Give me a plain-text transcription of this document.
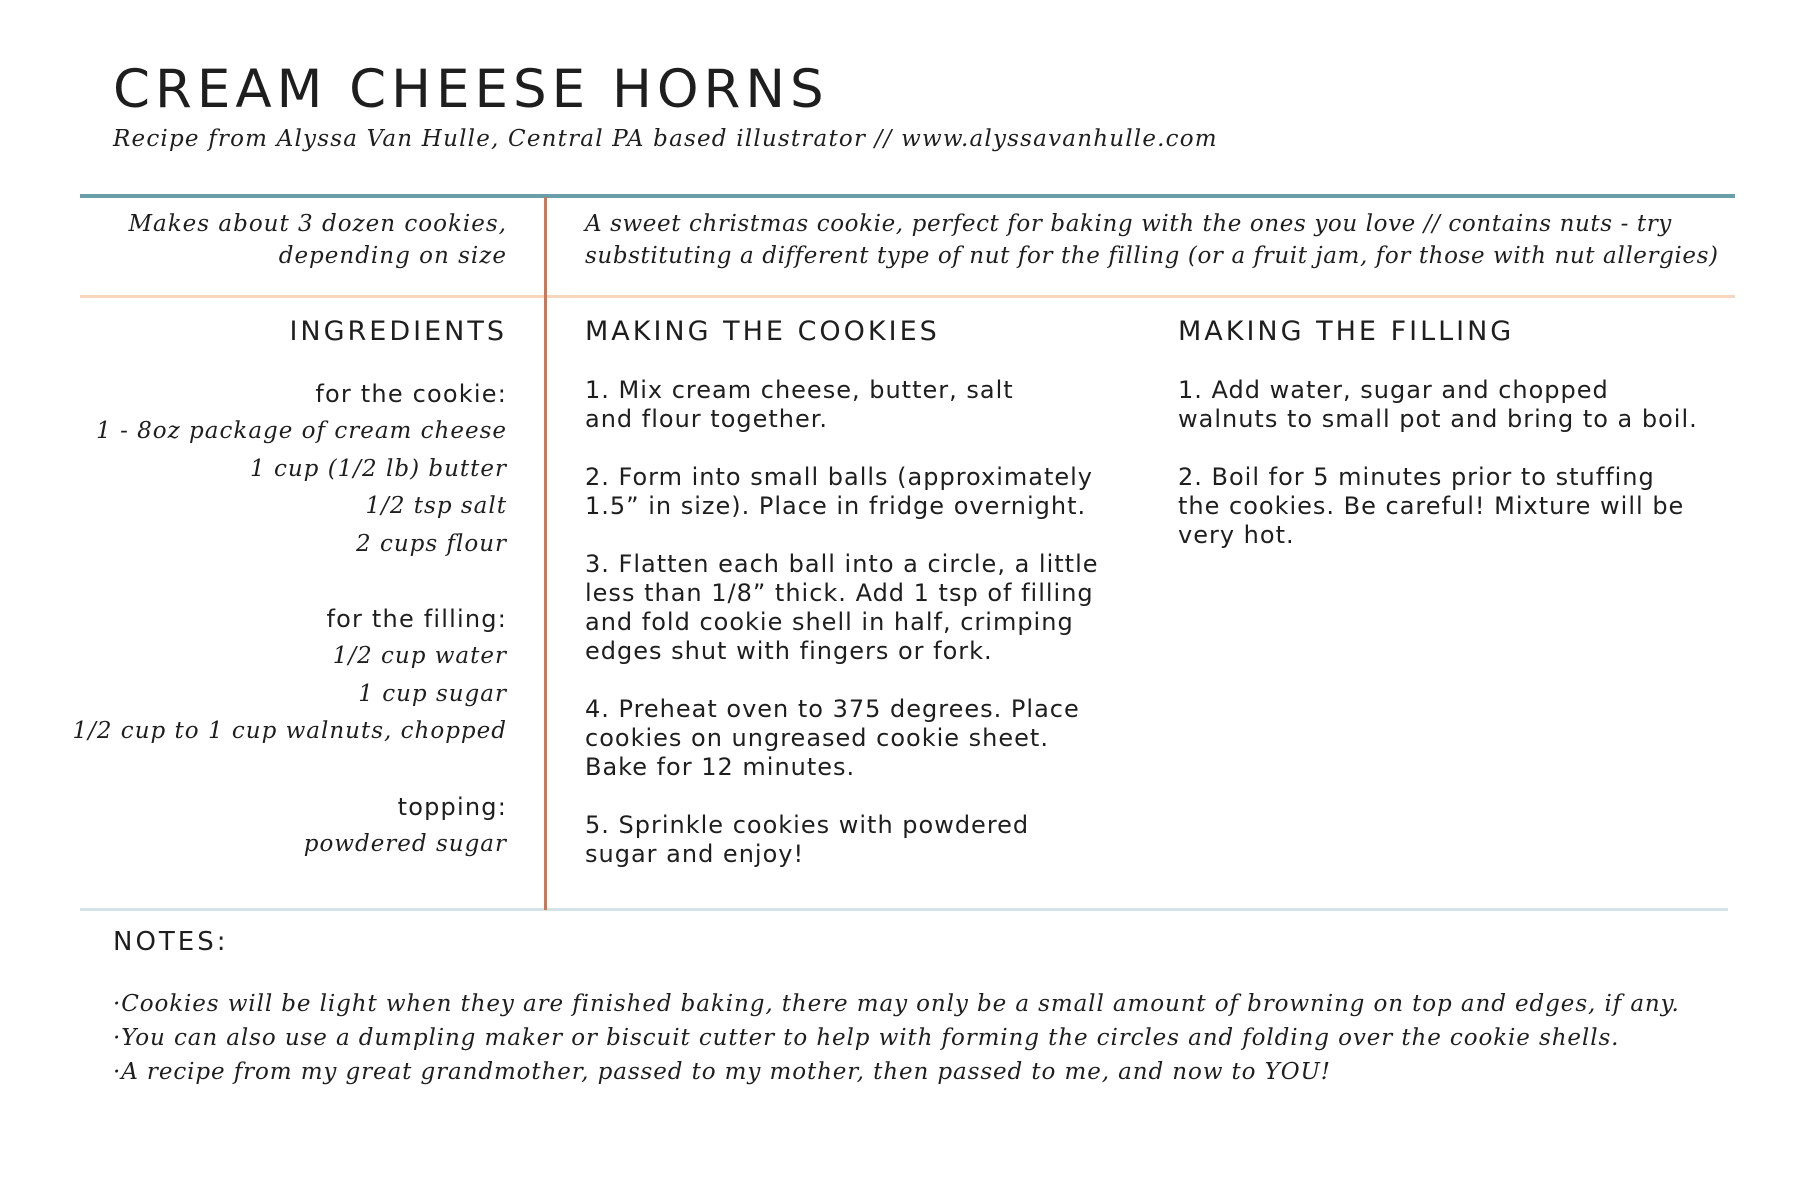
CREAM CHEESE HORNS
Recipe from Alyssa Van Hulle, Central PA based illustrator // www.alyssavanhulle.com
Makes about 3 dozen cookies,
depending on size
A sweet christmas cookie, perfect for baking with the ones you love // contains nuts - try
substituting a different type of nut for the filling (or a fruit jam, for those with nut allergies)
INGREDIENTS	MAKING THE COOKIES	MAKING THE FILLING
for the cookie:
1 - 8oz package of cream cheese
1 cup (1/2 lb) butter
1/2 tsp salt
2 cups flour
for the filling:
1/2 cup water
1 cup sugar
1/2 cup to 1 cup walnuts, chopped
topping:
powdered sugar
1. Mix cream cheese, butter, salt
and flour together.
2. Form into small balls (approximately
1.5” in size). Place in fridge overnight.
3. Flatten each ball into a circle, a little
less than 1/8” thick. Add 1 tsp of filling
and fold cookie shell in half, crimping
edges shut with fingers or fork.
4. Preheat oven to 375 degrees. Place
cookies on ungreased cookie sheet.
Bake for 12 minutes.
5. Sprinkle cookies with powdered
sugar and enjoy!
1. Add water, sugar and chopped
walnuts to small pot and bring to a boil.
2. Boil for 5 minutes prior to stuffing
the cookies. Be careful! Mixture will be
very hot.
NOTES:
·Cookies will be light when they are finished baking, there may only be a small amount of browning on top and edges, if any.
·You can also use a dumpling maker or biscuit cutter to help with forming the circles and folding over the cookie shells.
·A recipe from my great grandmother, passed to my mother, then passed to me, and now to YOU!
